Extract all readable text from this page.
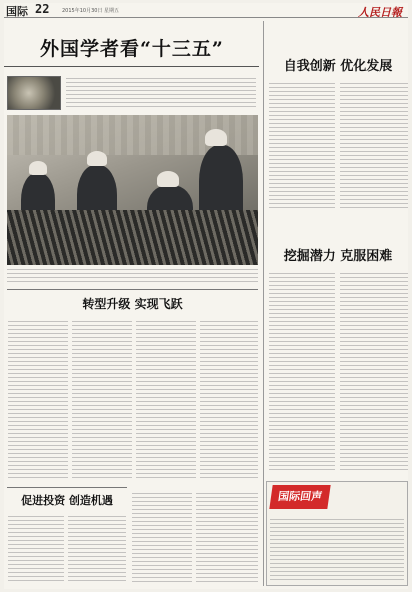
国际 22	2015年10月30日 星期五	人民日報
外国学者看“十三五”
自我创新 优化发展
挖掘潜力 克服困难
国际回声
转型升级 实现飞跃
促进投资 创造机遇
